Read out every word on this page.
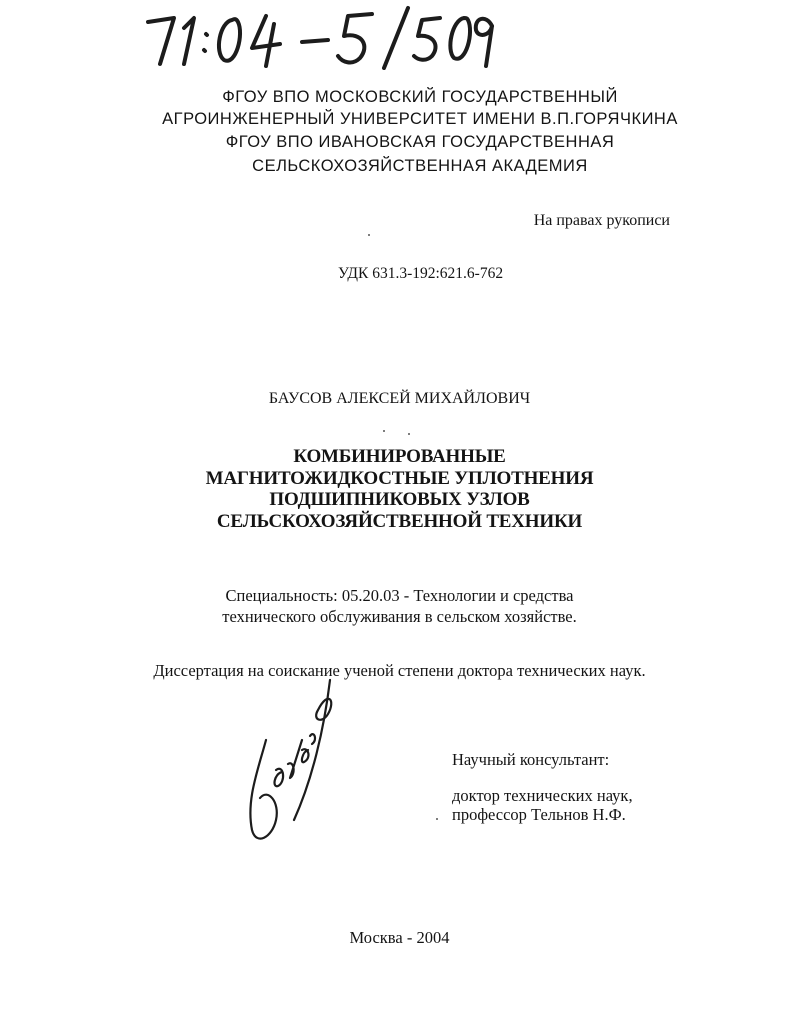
ФГОУ ВПО МОСКОВСКИЙ ГОСУДАРСТВЕННЫЙ
АГРОИНЖЕНЕРНЫЙ УНИВЕРСИТЕТ ИМЕНИ В.П.ГОРЯЧКИНА
ФГОУ ВПО ИВАНОВСКАЯ ГОСУДАРСТВЕННАЯ
СЕЛЬСКОХОЗЯЙСТВЕННАЯ АКАДЕМИЯ
На правах рукописи
УДК 631.3-192:621.6-762
БАУСОВ АЛЕКСЕЙ МИХАЙЛОВИЧ
КОМБИНИРОВАННЫЕ
МАГНИТОЖИДКОСТНЫЕ УПЛОТНЕНИЯ
ПОДШИПНИКОВЫХ УЗЛОВ
СЕЛЬСКОХОЗЯЙСТВЕННОЙ ТЕХНИКИ
Специальность: 05.20.03 - Технологии и средства
технического обслуживания в сельском хозяйстве.
Диссертация на соискание ученой степени доктора технических наук.
Научный консультант:
доктор технических наук,
профессор Тельнов Н.Ф.
Москва - 2004
